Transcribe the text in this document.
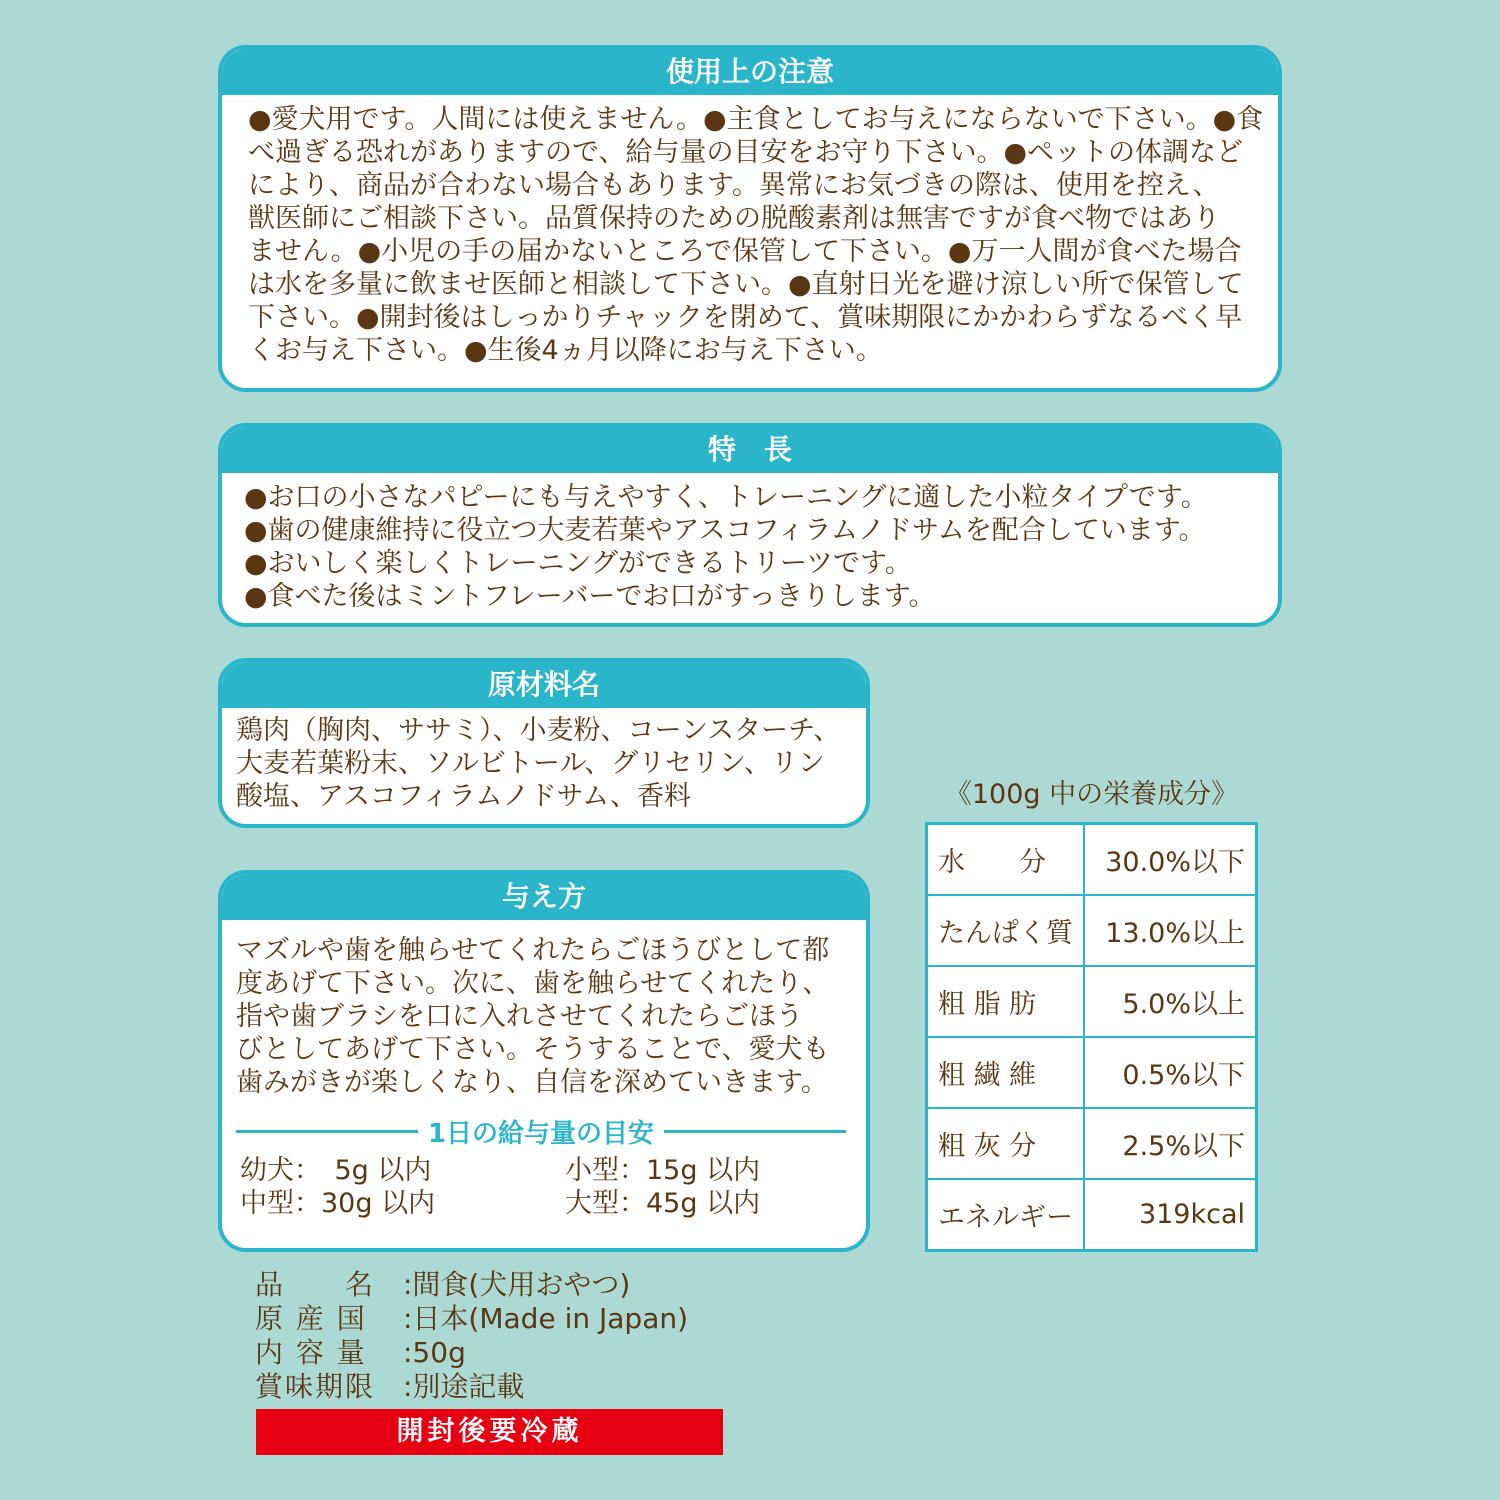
使用上の注意
●愛犬用です。人間には使えません。●主食としてお与えにならないで下さい。●食
べ過ぎる恐れがありますので、給与量の目安をお守り下さい。●ペットの体調など
により、商品が合わない場合もあります。異常にお気づきの際は、使用を控え、
獣医師にご相談下さい。品質保持のための脱酸素剤は無害ですが食べ物ではあり
ません。●小児の手の届かないところで保管して下さい。●万一人間が食べた場合
は水を多量に飲ませ医師と相談して下さい。●直射日光を避け涼しい所で保管して
下さい。●開封後はしっかりチャックを閉めて、賞味期限にかかわらずなるべく早
くお与え下さい。●生後4ヵ月以降にお与え下さい。
特　長
●お口の小さなパピーにも与えやすく、トレーニングに適した小粒タイプです。
●歯の健康維持に役立つ大麦若葉やアスコフィラムノドサムを配合しています。
●おいしく楽しくトレーニングができるトリーツです。
●食べた後はミントフレーバーでお口がすっきりします。
原材料名
鶏肉（胸肉、ササミ）、小麦粉、コーンスターチ、
大麦若葉粉末、ソルビトール、グリセリン、リン
酸塩、アスコフィラムノドサム、香料
与え方
マズルや歯を触らせてくれたらごほうびとして都
度あげて下さい。次に、歯を触らせてくれたり、
指や歯ブラシを口に入れさせてくれたらごほう
びとしてあげて下さい。そうすることで、愛犬も
歯みがきが楽しくなり、自信を深めていきます。
1日の給与量の目安
幼犬：　5g 以内	小型：15g 以内
中型：30g 以内	大型：45g 以内
《100g 中の栄養成分》
水　　分	30.0%以下
たんぱく質	13.0%以上
粗 脂 肪	5.0%以上
粗 繊 維	0.5%以下
粗 灰 分	2.5%以下
エネルギー	319kcal
品　　名 :間食(犬用おやつ)
原 産 国 :日本(Made in Japan)
内 容 量 :50g
賞味期限 :別途記載
開封後要冷蔵
